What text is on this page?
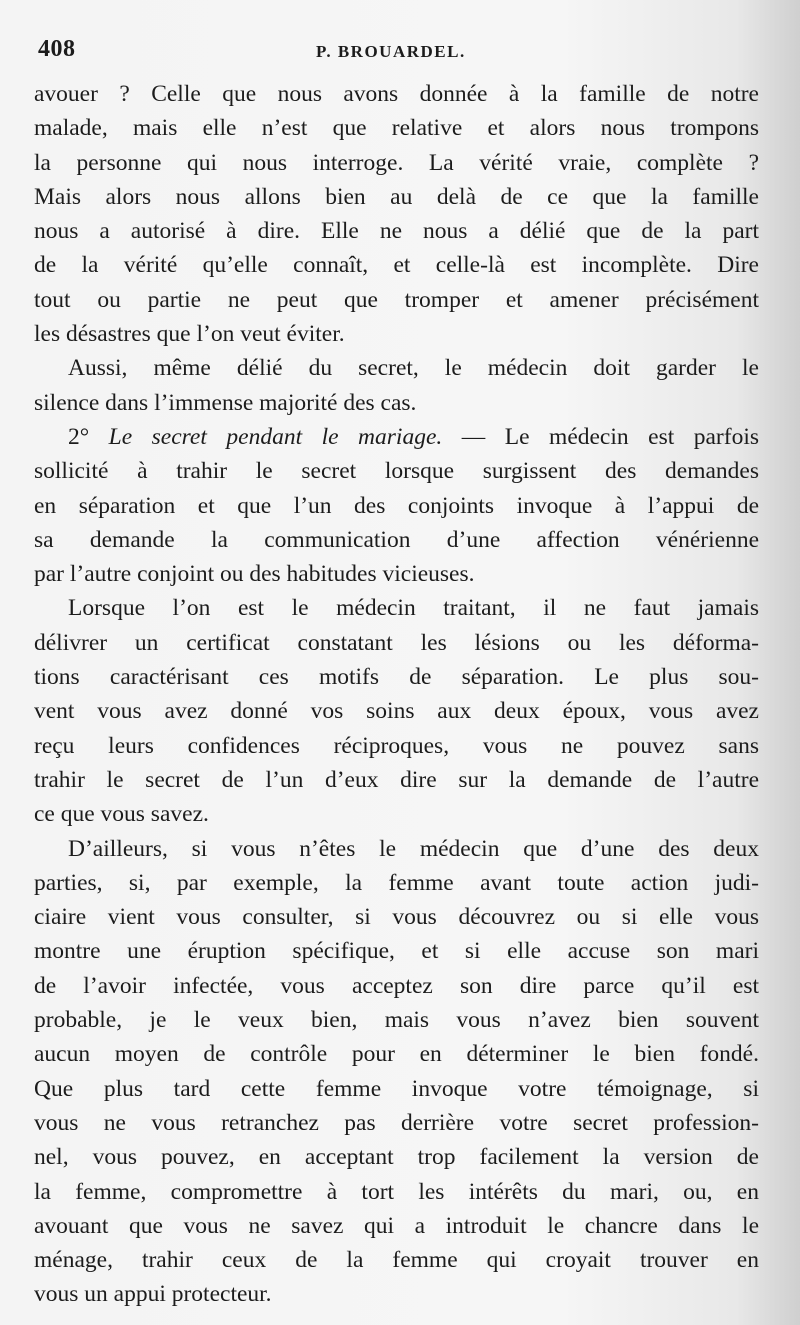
408	P. BROUARDEL.
avouer ? Celle que nous avons donnée à la famille de notre
malade, mais elle n’est que relative et alors nous trompons
la personne qui nous interroge. La vérité vraie, complète ?
Mais alors nous allons bien au delà de ce que la famille
nous a autorisé à dire. Elle ne nous a délié que de la part
de la vérité qu’elle connaît, et celle-là est incomplète. Dire
tout ou partie ne peut que tromper et amener précisément
les désastres que l’on veut éviter.
Aussi, même délié du secret, le médecin doit garder le
silence dans l’immense majorité des cas.
2° Le secret pendant le mariage. — Le médecin est parfois
sollicité à trahir le secret lorsque surgissent des demandes
en séparation et que l’un des conjoints invoque à l’appui de
sa demande la communication d’une affection vénérienne
par l’autre conjoint ou des habitudes vicieuses.
Lorsque l’on est le médecin traitant, il ne faut jamais
délivrer un certificat constatant les lésions ou les déforma-
tions caractérisant ces motifs de séparation. Le plus sou-
vent vous avez donné vos soins aux deux époux, vous avez
reçu leurs confidences réciproques, vous ne pouvez sans
trahir le secret de l’un d’eux dire sur la demande de l’autre
ce que vous savez.
D’ailleurs, si vous n’êtes le médecin que d’une des deux
parties, si, par exemple, la femme avant toute action judi-
ciaire vient vous consulter, si vous découvrez ou si elle vous
montre une éruption spécifique, et si elle accuse son mari
de l’avoir infectée, vous acceptez son dire parce qu’il est
probable, je le veux bien, mais vous n’avez bien souvent
aucun moyen de contrôle pour en déterminer le bien fondé.
Que plus tard cette femme invoque votre témoignage, si
vous ne vous retranchez pas derrière votre secret profession-
nel, vous pouvez, en acceptant trop facilement la version de
la femme, compromettre à tort les intérêts du mari, ou, en
avouant que vous ne savez qui a introduit le chancre dans le
ménage, trahir ceux de la femme qui croyait trouver en
vous un appui protecteur.
